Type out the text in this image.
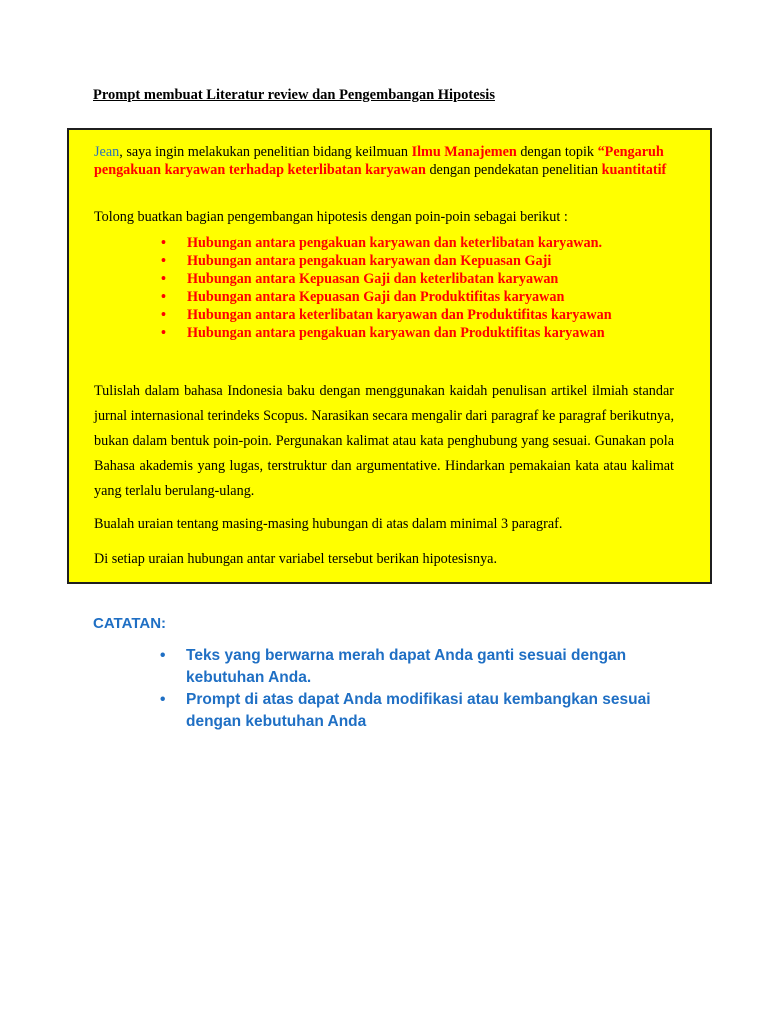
Prompt membuat Literatur review dan Pengembangan Hipotesis

Jean, saya ingin melakukan penelitian bidang keilmuan Ilmu Manajemen dengan topik “Pengaruh pengakuan karyawan terhadap keterlibatan karyawan dengan pendekatan penelitian kuantitatif

Tolong buatkan bagian pengembangan hipotesis dengan poin-poin sebagai berikut :

• Hubungan antara pengakuan karyawan dan keterlibatan karyawan.
• Hubungan antara pengakuan karyawan dan Kepuasan Gaji
• Hubungan antara Kepuasan Gaji dan keterlibatan karyawan
• Hubungan antara Kepuasan Gaji dan Produktifitas karyawan
• Hubungan antara keterlibatan karyawan dan Produktifitas karyawan
• Hubungan antara pengakuan karyawan dan Produktifitas karyawan

Tulislah dalam bahasa Indonesia baku dengan menggunakan kaidah penulisan artikel ilmiah standar jurnal internasional terindeks Scopus. Narasikan secara mengalir dari paragraf ke paragraf berikutnya, bukan dalam bentuk poin-poin. Pergunakan kalimat atau kata penghubung yang sesuai. Gunakan pola Bahasa akademis yang lugas, terstruktur dan argumentative. Hindarkan pemakaian kata atau kalimat yang terlalu berulang-ulang.

Bualah uraian tentang masing-masing hubungan di atas dalam minimal 3 paragraf.

Di setiap uraian hubungan antar variabel tersebut berikan hipotesisnya.

CATATAN:
• Teks yang berwarna merah dapat Anda ganti sesuai dengan kebutuhan Anda.
• Prompt di atas dapat Anda modifikasi atau kembangkan sesuai dengan kebutuhan Anda
